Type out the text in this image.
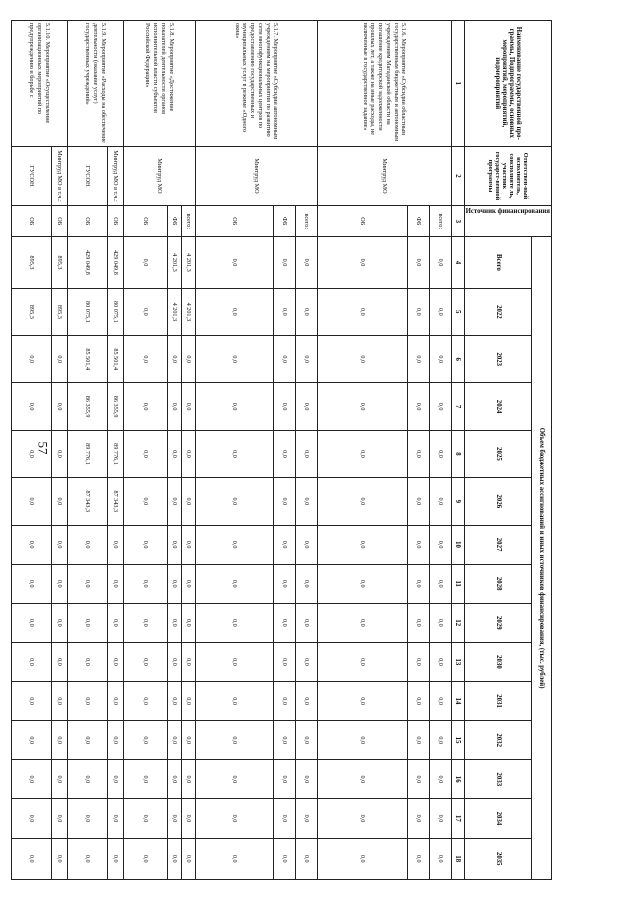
57
Наименование государственной про-граммы, Подпрограммы, основных мероприятий, мероприятий, подмероприятий	Ответствен-ный исполнитель, соисполните ль, участник государст-венной программы	Источник финансирования	Объем бюджетных ассигнований и иных источников финансирования, (тыс. рублей)														
			Всего	2022	2023	2024	2025	2026	2027	2028	2029	2030	2031	2032	2033	2034	2035
1	2	3	4	5	6	7	8	9	10	11	12	13	14	15	16	17	18
5.1.6. Мероприятие «Субсидии областным государственным бюджетным и автономным учреждениям Магаданской области на погашение кредиторской задолженности прошлых лет, а также на иные расходы, не включенные в государственное задание»	Минтруд МО	всего:	0,0	0,0	0,0	0,0	0,0	0,0	0,0	0,0	0,0	0,0	0,0	0,0	0,0	0,0	0,0
		ФБ	0,0	0,0	0,0	0,0	0,0	0,0	0,0	0,0	0,0	0,0	0,0	0,0	0,0	0,0	0,0
		ОБ	0,0	0,0	0,0	0,0	0,0	0,0	0,0	0,0	0,0	0,0	0,0	0,0	0,0	0,0	0,0
5.1.7. Мероприятие «Субсидии автономным учреждениям на мероприятия по развитию сети многофункциональных центров по предоставлению государственных и муниципальных услуг в режиме «Одного окна»	Минтруд МО	всего:	0,0	0,0	0,0	0,0	0,0	0,0	0,0	0,0	0,0	0,0	0,0	0,0	0,0	0,0	0,0
		ФБ	0,0	0,0	0,0	0,0	0,0	0,0	0,0	0,0	0,0	0,0	0,0	0,0	0,0	0,0	0,0
		ОБ	0,0	0,0	0,0	0,0	0,0	0,0	0,0	0,0	0,0	0,0	0,0	0,0	0,0	0,0	0,0
5.1.8. Мероприятие «Достижение показателей деятельности органов исполнительной власти субъектов Российской Федерации»	Минтруд МО	всего:	4 201,3	4 201,3	0,0	0,0	0,0	0,0	0,0	0,0	0,0	0,0	0,0	0,0	0,0	0,0	0,0
		ФБ	4 201,3	4 201,3	0,0	0,0	0,0	0,0	0,0	0,0	0,0	0,0	0,0	0,0	0,0	0,0	0,0
		ОБ	0,0	0,0	0,0	0,0	0,0	0,0	0,0	0,0	0,0	0,0	0,0	0,0	0,0	0,0	0,0
5.1.9. Мероприятие «Расходы на обеспечение деятельности (оказание услуг) государственных учреждений»	Минтруд МО в т.ч.:	ОБ	429 049,8	80 075,1	85 501,4	86 355,9	89 776,1	87 343,3	0,0	0,0	0,0	0,0	0,0	0,0	0,0	0,0	0,0
	ГУСОН	ОБ	429 049,8	80 075,1	85 501,4	86 355,9	89 776,1	87 343,3	0,0	0,0	0,0	0,0	0,0	0,0	0,0	0,0	0,0
5.1.10. Мероприятие «Осуществление организационных мероприятий по предупреждению и борьбе с	Минтруд МО в т.ч.:	ОБ	895,3	895,3	0,0	0,0	0,0	0,0	0,0	0,0	0,0	0,0	0,0	0,0	0,0	0,0	0,0
	ГУСОН	ОБ	895,3	895,3	0,0	0,0	0,0	0,0	0,0	0,0	0,0	0,0	0,0	0,0	0,0	0,0	0,0
